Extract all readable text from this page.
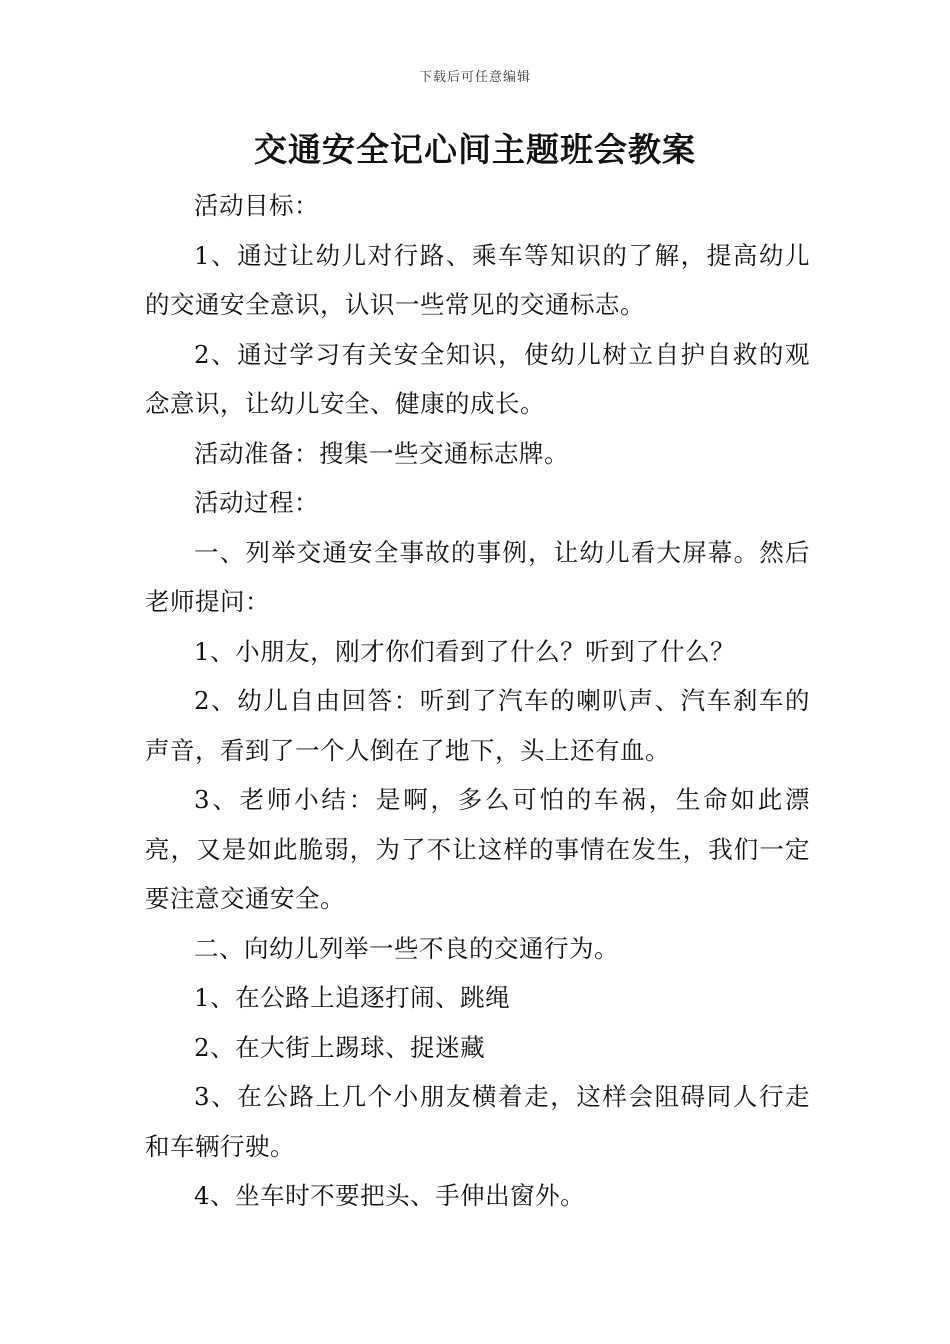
下载后可任意编辑
交通安全记心间主题班会教案

活动目标：

1、通过让幼儿对行路、乘车等知识的了解，提高幼儿的交通安全意识，认识一些常见的交通标志。

2、通过学习有关安全知识，使幼儿树立自护自救的观念意识，让幼儿安全、健康的成长。

活动准备：搜集一些交通标志牌。

活动过程：

一、列举交通安全事故的事例，让幼儿看大屏幕。然后老师提问：

1、小朋友，刚才你们看到了什么？听到了什么？

2、幼儿自由回答：听到了汽车的喇叭声、汽车刹车的声音，看到了一个人倒在了地下，头上还有血。

3、老师小结：是啊，多么可怕的车祸，生命如此漂亮，又是如此脆弱，为了不让这样的事情在发生，我们一定要注意交通安全。

二、向幼儿列举一些不良的交通行为。

1、在公路上追逐打闹、跳绳

2、在大街上踢球、捉迷藏

3、在公路上几个小朋友横着走，这样会阻碍同人行走和车辆行驶。

4、坐车时不要把头、手伸出窗外。
